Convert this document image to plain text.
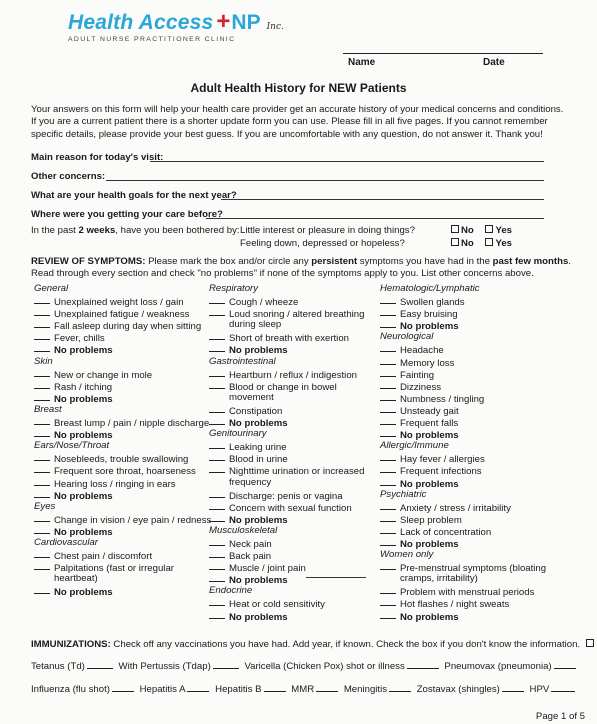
Health Access +NP Inc.
ADULT NURSE PRACTITIONER CLINIC
Name	Date
Adult Health History for NEW Patients
Your answers on this form will help your health care provider get an accurate history of your medical concerns and conditions. If you are a current patient there is a shorter update form you can use. Please fill in all five pages. If you cannot remember specific details, please provide your best guess. If you are uncomfortable with any question, do not answer it. Thank you!
Main reason for today's visit:
Other concerns:
What are your health goals for the next year?
Where were you getting your care before?
In the past 2 weeks, have you been bothered by: Little interest or pleasure in doing things?
Feeling down, depressed or hopeless?
No Yes
No Yes
REVIEW OF SYMPTOMS: Please mark the box and/or circle any persistent symptoms you have had in the past few months. Read through every section and check "no problems" if none of the symptoms apply to you. List other concerns above.
General
Unexplained weight loss / gain
Unexplained fatigue / weakness
Fall asleep during day when sitting
Fever, chills
No problems
Skin
New or change in mole
Rash / itching
No problems
Breast
Breast lump / pain / nipple discharge
No problems
Ears/Nose/Throat
Nosebleeds, trouble swallowing
Frequent sore throat, hoarseness
Hearing loss / ringing in ears
No problems
Eyes
Change in vision / eye pain / redness
No problems
Cardiovascular
Chest pain / discomfort
Palpitations (fast or irregular
heartbeat)
No problems
Respiratory
Cough / wheeze
Loud snoring / altered breathing
during sleep
Short of breath with exertion
No problems
Gastrointestinal
Heartburn / reflux / indigestion
Blood or change in bowel
movement
Constipation
No problems
Genitourinary
Leaking urine
Blood in urine
Nighttime urination or increased
frequency
Discharge: penis or vagina
Concern with sexual function
No problems
Musculoskeletal
Neck pain
Back pain
Muscle / joint pain
No problems
Endocrine
Heat or cold sensitivity
No problems
Hematologic/Lymphatic
Swollen glands
Easy bruising
No problems
Neurological
Headache
Memory loss
Fainting
Dizziness
Numbness / tingling
Unsteady gait
Frequent falls
No problems
Allergic/Immune
Hay fever / allergies
Frequent infections
No problems
Psychiatric
Anxiety / stress / irritability
Sleep problem
Lack of concentration
No problems
Women only
Pre-menstrual symptoms (bloating
cramps, irritability)
Problem with menstrual periods
Hot flashes / night sweats
No problems
IMMUNIZATIONS: Check off any vaccinations you have had. Add year, if known. Check the box if you don't know the information.
Tetanus (Td)	With Pertussis (Tdap)	Varicella (Chicken Pox) shot or illness	Pneumovax (pneumonia)
Influenza (flu shot)	Hepatitis A	Hepatitis B	MMR	Meningitis	Zostavax (shingles)	HPV
Page 1 of 5
